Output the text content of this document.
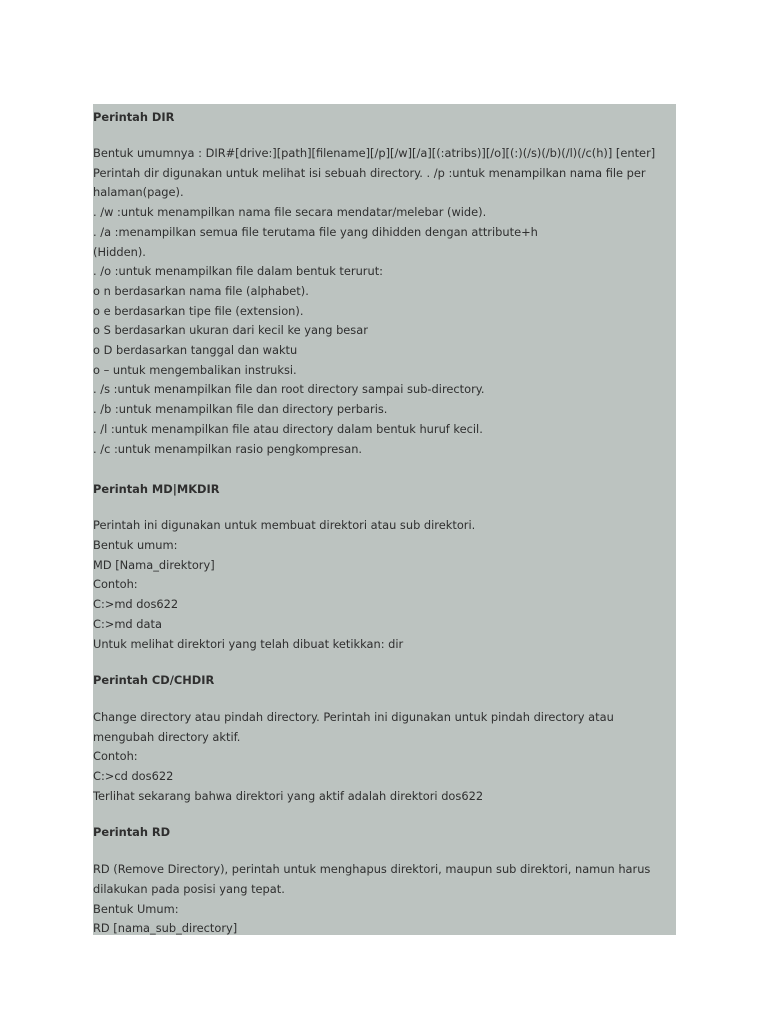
Perintah DIR
Bentuk umumnya : DIR#[drive:][path][filename][/p][/w][/a][(:atribs)][/o][(:)(/s)(/b)(/l)(/c(h)] [enter]
Perintah dir digunakan untuk melihat isi sebuah directory. . /p :untuk menampilkan nama file per
halaman(page).
. /w :untuk menampilkan nama file secara mendatar/melebar (wide).
. /a :menampilkan semua file terutama file yang dihidden dengan attribute+h
(Hidden).
. /o :untuk menampilkan file dalam bentuk terurut:
o n berdasarkan nama file (alphabet).
o e berdasarkan tipe file (extension).
o S berdasarkan ukuran dari kecil ke yang besar
o D berdasarkan tanggal dan waktu
o – untuk mengembalikan instruksi.
. /s :untuk menampilkan file dan root directory sampai sub-directory.
. /b :untuk menampilkan file dan directory perbaris.
. /l :untuk menampilkan file atau directory dalam bentuk huruf kecil.
. /c :untuk menampilkan rasio pengkompresan.
Perintah MD|MKDIR
Perintah ini digunakan untuk membuat direktori atau sub direktori.
Bentuk umum:
MD [Nama_direktory]
Contoh:
C:>md dos622
C:>md data
Untuk melihat direktori yang telah dibuat ketikkan: dir
Perintah CD/CHDIR
Change directory atau pindah directory. Perintah ini digunakan untuk pindah directory atau
mengubah directory aktif.
Contoh:
C:>cd dos622
Terlihat sekarang bahwa direktori yang aktif adalah direktori dos622
Perintah RD
RD (Remove Directory), perintah untuk menghapus direktori, maupun sub direktori, namun harus
dilakukan pada posisi yang tepat.
Bentuk Umum:
RD [nama_sub_directory]
